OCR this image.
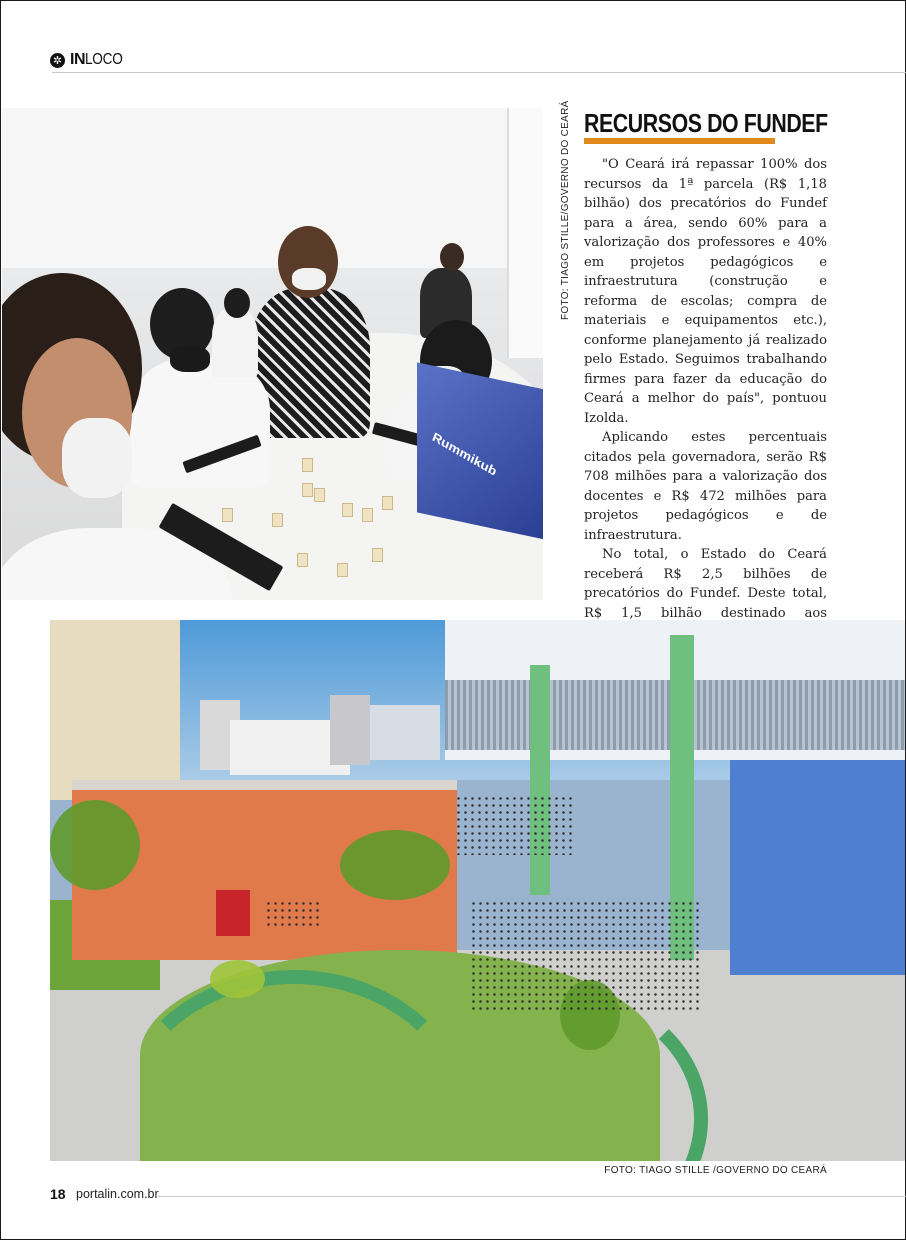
✲ IN LOCO
Rummikub
FOTO: TIAGO STILLE/GOVERNO DO CEARÁ RECURSOS DO FUNDEF

"O Ceará irá repassar 100% dos recursos da 1ª parcela (R$ 1,18 bilhão) dos precatórios do Fundef para a área, sendo 60% para a valorização dos professores e 40% em projetos pedagógicos e infraestrutura (construção e reforma de escolas; compra de materiais e equipamentos etc.), conforme planejamento já realizado pelo Estado. Seguimos trabalhando firmes para fazer da educação do Ceará a melhor do país", pontuou Izolda.

Aplicando estes percentuais citados pela governadora, serão R$ 708 milhões para a valorização dos docentes e R$ 472 milhões para projetos pedagógicos e de infraestrutura.

No total, o Estado do Ceará receberá R$ 2,5 bilhões de precatórios do Fundef. Deste total, R$ 1,5 bilhão destinado aos

FOTO: TIAGO STILLE /GOVERNO DO CEARÁ
18 portalin.com.br
